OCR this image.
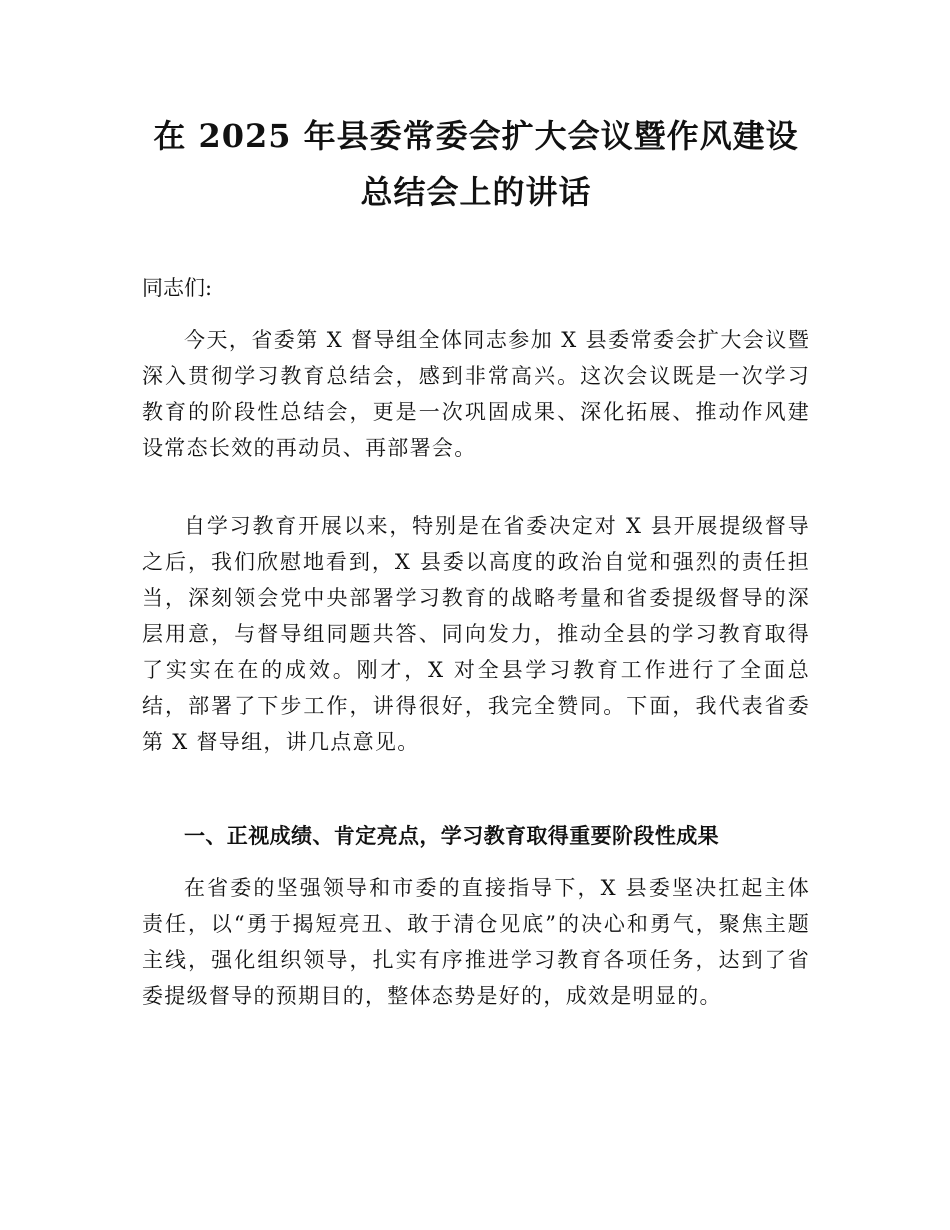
在 2025 年县委常委会扩大会议暨作风建设总结会上的讲话

同志们:

今天，省委第 X 督导组全体同志参加 X 县委常委会扩大会议暨深入贯彻学习教育总结会，感到非常高兴。这次会议既是一次学习教育的阶段性总结会，更是一次巩固成果、深化拓展、推动作风建设常态长效的再动员、再部署会。

自学习教育开展以来，特别是在省委决定对 X 县开展提级督导之后，我们欣慰地看到，X 县委以高度的政治自觉和强烈的责任担当，深刻领会党中央部署学习教育的战略考量和省委提级督导的深层用意，与督导组同题共答、同向发力，推动全县的学习教育取得了实实在在的成效。刚才，X 对全县学习教育工作进行了全面总结，部署了下步工作，讲得很好，我完全赞同。下面，我代表省委第 X 督导组，讲几点意见。

一、正视成绩、肯定亮点，学习教育取得重要阶段性成果

在省委的坚强领导和市委的直接指导下，X 县委坚决扛起主体责任，以“勇于揭短亮丑、敢于清仓见底”的决心和勇气，聚焦主题主线，强化组织领导，扎实有序推进学习教育各项任务，达到了省委提级督导的预期目的，整体态势是好的，成效是明显的。
